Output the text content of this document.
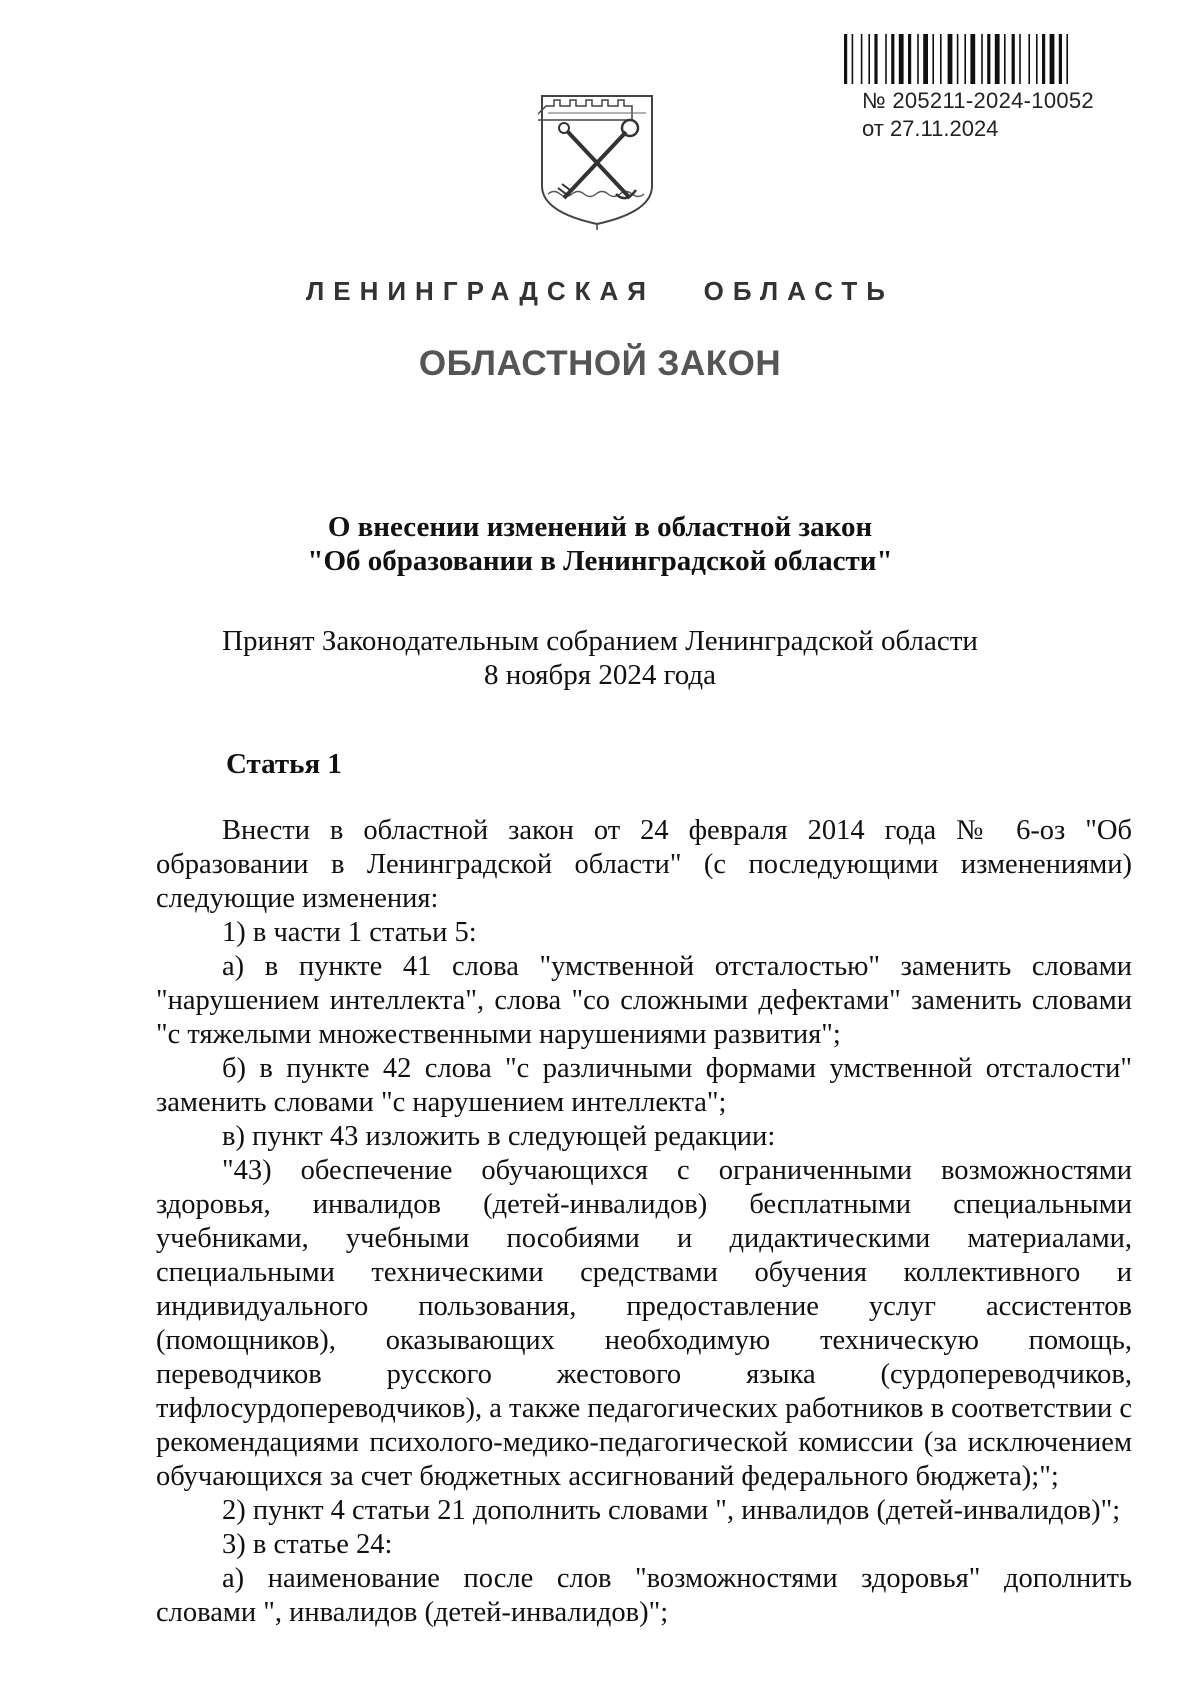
№ 205211-2024-10052
от 27.11.2024
ЛЕНИНГРАДСКАЯ   ОБЛАСТЬ
ОБЛАСТНОЙ ЗАКОН
О внесении изменений в областной закон
"Об образовании в Ленинградской области"
Принят Законодательным собранием Ленинградской области
8 ноября 2024 года
Статья 1

Внести в областной закон от 24 февраля 2014 года № 6-оз "Об образовании в Ленинградской области" (с последующими изменениями) следующие изменения:

1) в части 1 статьи 5:

а) в пункте 41 слова "умственной отсталостью" заменить словами "нарушением интеллекта", слова "со сложными дефектами" заменить словами "с тяжелыми множественными нарушениями развития";

б) в пункте 42 слова "с различными формами умственной отсталости" заменить словами "с нарушением интеллекта";

в) пункт 43 изложить в следующей редакции:

"43) обеспечение обучающихся с ограниченными возможностями здоровья, инвалидов (детей-инвалидов) бесплатными специальными учебниками, учебными пособиями и дидактическими материалами, специальными техническими средствами обучения коллективного и индивидуального пользования, предоставление услуг ассистентов (помощников), оказывающих необходимую техническую помощь, переводчиков русского жестового языка (сурдопереводчиков, тифлосурдопереводчиков), а также педагогических работников в соответствии с рекомендациями психолого-медико-педагогической комиссии (за исключением обучающихся за счет бюджетных ассигнований федерального бюджета);";

2) пункт 4 статьи 21 дополнить словами ", инвалидов (детей-инвалидов)";

3) в статье 24:

а) наименование после слов "возможностями здоровья" дополнить словами ", инвалидов (детей-инвалидов)";
